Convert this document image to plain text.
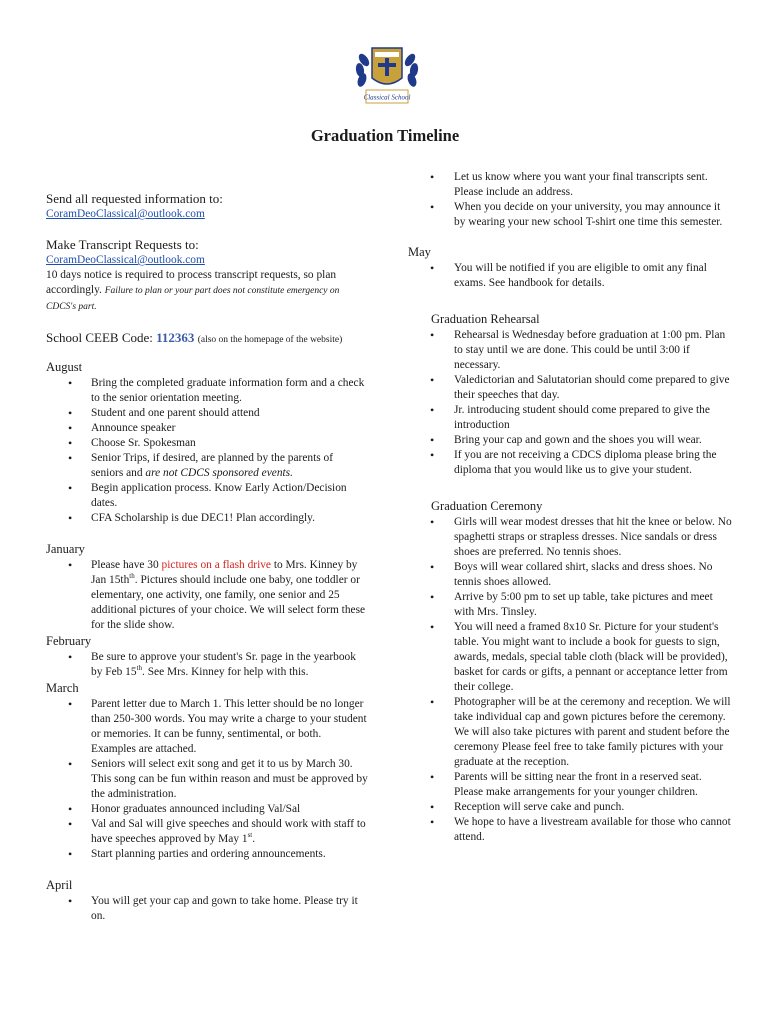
Classical School
Graduation Timeline

Send all requested information to:

CoramDeoClassical@outlook.com

Make Transcript Requests to:

CoramDeoClassical@outlook.com

10 days notice is required to process transcript requests, so plan accordingly. Failure to plan or your part does not constitute emergency on CDCS's part.

School CEEB Code: 112363 (also on the homepage of the website)

August

• Bring the completed graduate information form and a check to the senior orientation meeting.
• Student and one parent should attend
• Announce speaker
• Choose Sr. Spokesman
• Senior Trips, if desired, are planned by the parents of seniors and are not CDCS sponsored events.
• Begin application process. Know Early Action/Decision dates.
• CFA Scholarship is due DEC1! Plan accordingly.

January

• Please have 30 pictures on a flash drive to Mrs. Kinney by Jan $15th^{th}$. Pictures should include one baby, one toddler or elementary, one activity, one family, one senior and 25 additional pictures of your choice. We will select form these for the slide show.

February

• Be sure to approve your student's Sr. page in the yearbook by Feb 15th. See Mrs. Kinney for help with this.

March

• Parent letter due to March 1. This letter should be no longer than 250-300 words. You may write a charge to your student or memories. It can be funny, sentimental, or both. Examples are attached.
• Seniors will select exit song and get it to us by March 30. This song can be fun within reason and must be approved by the administration.
• Honor graduates announced including Val/Sal
• Val and Sal will give speeches and should work with staff to have speeches approved by May 1st.
• Start planning parties and ordering announcements.

April

• You will get your cap and gown to take home. Please try it on.
• Let us know where you want your final transcripts sent. Please include an address.
• When you decide on your university, you may announce it by wearing your new school T-shirt one time this semester.

May

• You will be notified if you are eligible to omit any final exams. See handbook for details.

Graduation Rehearsal

• Rehearsal is Wednesday before graduation at 1:00 pm. Plan to stay until we are done. This could be until 3:00 if necessary.
• Valedictorian and Salutatorian should come prepared to give their speeches that day.
• Jr. introducing student should come prepared to give the introduction
• Bring your cap and gown and the shoes you will wear.
• If you are not receiving a CDCS diploma please bring the diploma that you would like us to give your student.

Graduation Ceremony

• Girls will wear modest dresses that hit the knee or below. No spaghetti straps or strapless dresses. Nice sandals or dress shoes are preferred. No tennis shoes.
• Boys will wear collared shirt, slacks and dress shoes. No tennis shoes allowed.
• Arrive by 5:00 pm to set up table, take pictures and meet with Mrs. Tinsley.
• You will need a framed 8x10 Sr. Picture for your student's table. You might want to include a book for guests to sign, awards, medals, special table cloth (black will be provided), basket for cards or gifts, a pennant or acceptance letter from their college.
• Photographer will be at the ceremony and reception. We will take individual cap and gown pictures before the ceremony. We will also take pictures with parent and student before the ceremony Please feel free to take family pictures with your graduate at the reception.
• Parents will be sitting near the front in a reserved seat. Please make arrangements for your younger children.
• Reception will serve cake and punch.
• We hope to have a livestream available for those who cannot attend.
